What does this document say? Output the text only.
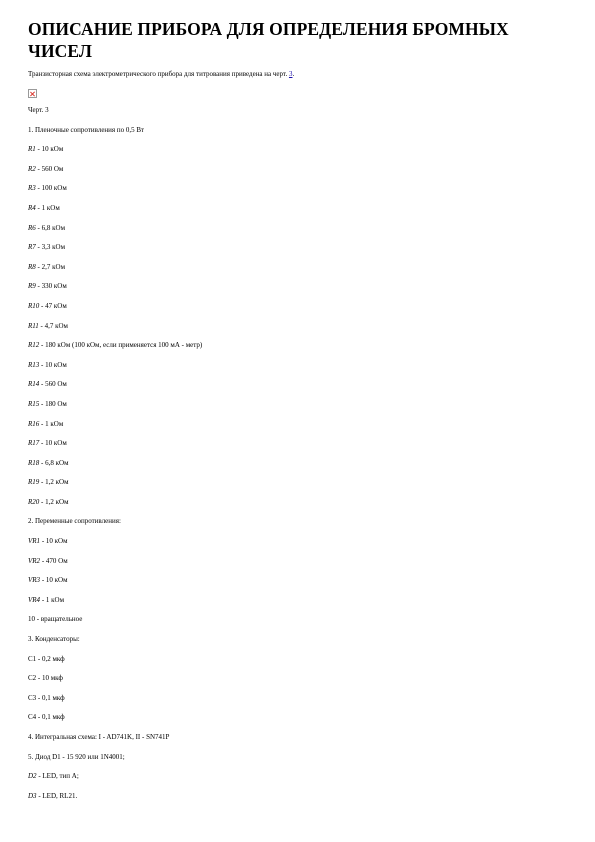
ОПИСАНИЕ ПРИБОРА ДЛЯ ОПРЕДЕЛЕНИЯ БРОМНЫХ ЧИСЕЛ
Транзисторная схема электрометрического прибора для титрования приведена на черт. 3.
Черт. 3
1. Пленочные сопротивления по 0,5 Вт
R1 - 10 кОм
R2 - 560 Ом
R3 - 100 кОм
R4 - 1 кОм
R6 - 6,8 кОм
R7 - 3,3 кОм
R8 - 2,7 кОм
R9 - 330 кОм
R10 - 47 кОм
R11 - 4,7 кОм
R12 - 180 кОм (100 кОм, если применяется 100 мА - метр)
R13 - 10 кОм
R14 - 560 Ом
R15 - 180 Ом
R16 - 1 кОм
R17 - 10 кОм
R18 - 6,8 кОм
R19 - 1,2 кОм
R20 - 1,2 кОм
2. Переменные сопротивления:
VR1 - 10 кОм
VR2 - 470 Ом
VR3 - 10 кОм
VR4 - 1 кОм
10 - вращательное
3. Конденсаторы:
C1 - 0,2 мкф
C2 - 10 мкф
C3 - 0,1 мкф
C4 - 0,1 мкф
4. Интегральная схема: I - AD741K, II - SN741P
5. Диод D1 - 15 920 или 1N4001;
D2 - LED, тип A;
D3 - LED, RL21.
